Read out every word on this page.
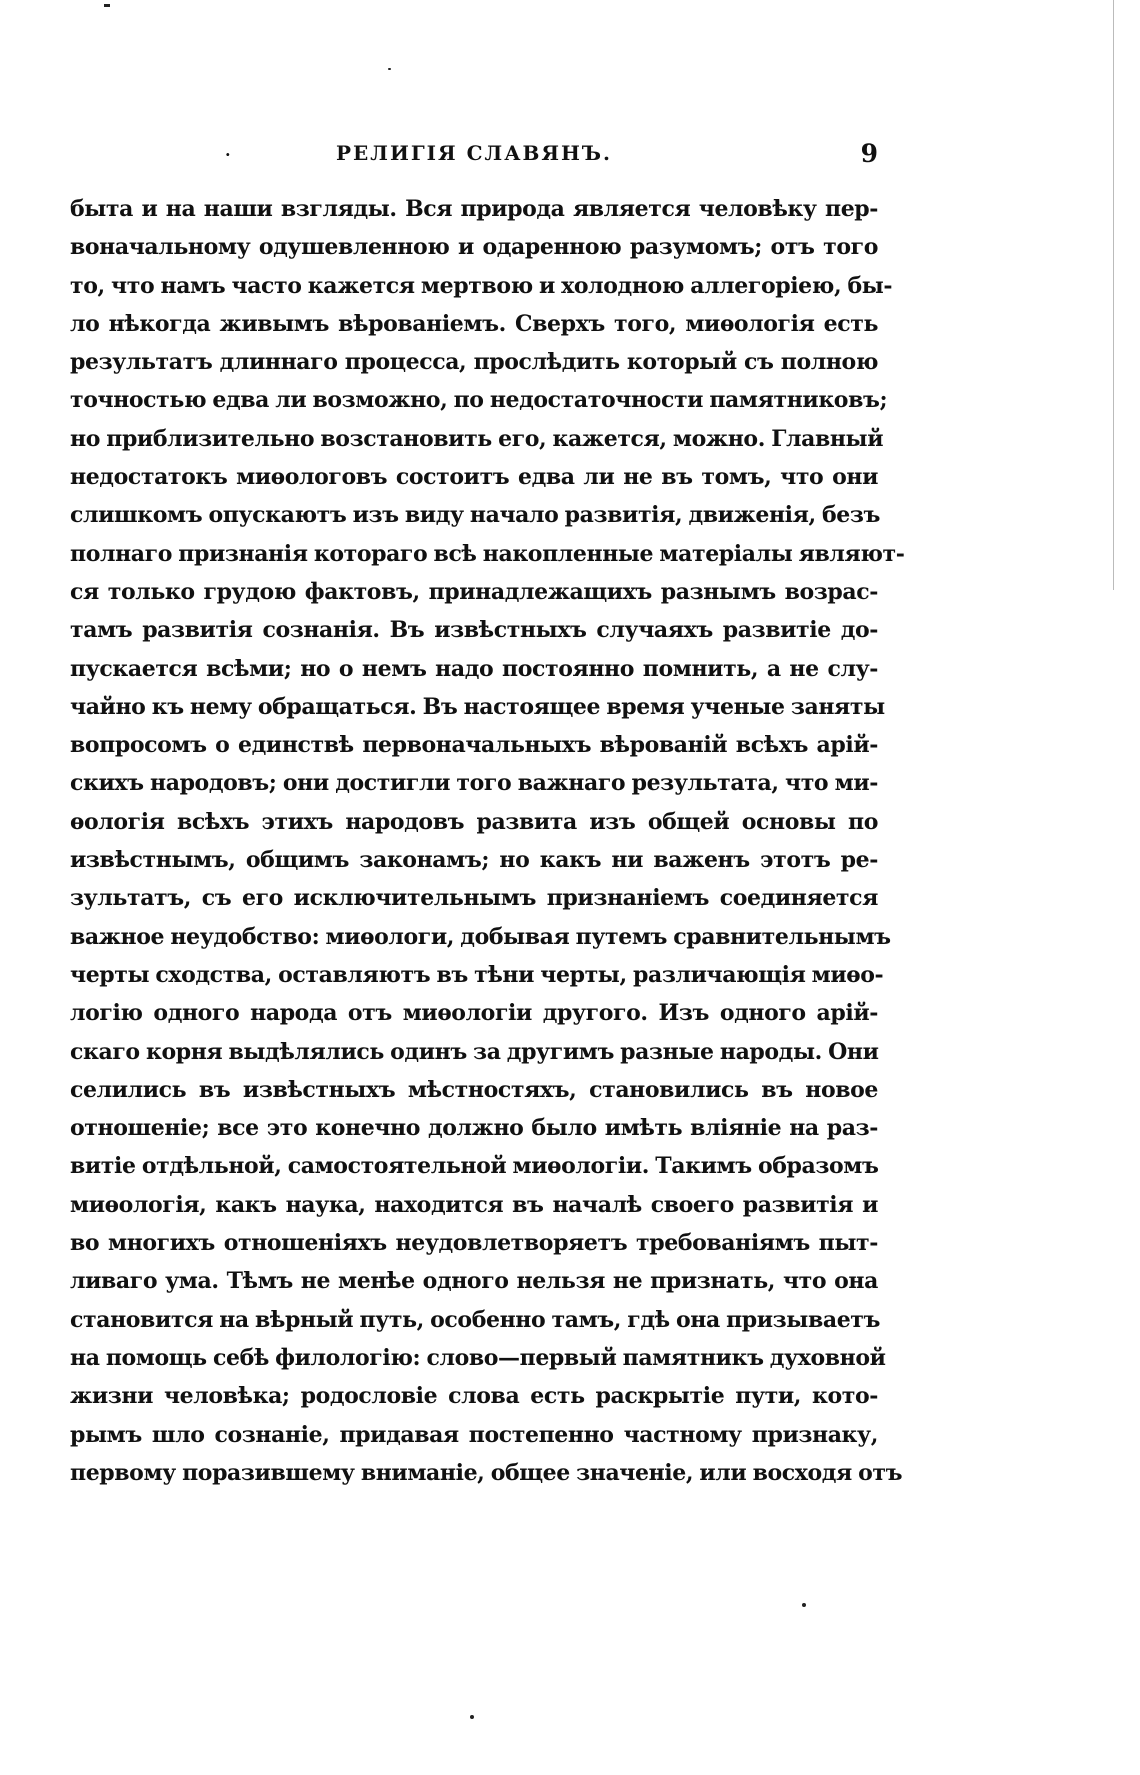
·	РЕЛИГIЯ СЛАВЯНЪ.	9
быта и на наши взгляды. Вся природа является человѣку пер-
воначальному одушевленною и одаренною разумомъ; отъ того
то, что намъ часто кажется мертвою и холодною аллегорiею, бы-
ло нѣкогда живымъ вѣрованiемъ. Сверхъ того, миѳологiя есть
результатъ длиннаго процесса, прослѣдить который съ полною
точностью едва ли возможно, по недостаточности памятниковъ;
но приблизительно возстановить его, кажется, можно. Главный
недостатокъ миѳологовъ состоитъ едва ли не въ томъ, что они
слишкомъ опускаютъ изъ виду начало развитiя, движенiя, безъ
полнаго признанiя котораго всѣ накопленные матерiалы являют-
ся только грудою фактовъ, принадлежащихъ разнымъ возрас-
тамъ развитiя сознанiя. Въ извѣстныхъ случаяхъ развитiе до-
пускается всѣми; но о немъ надо постоянно помнить, а не слу-
чайно къ нему обращаться. Въ настоящее время ученые заняты
вопросомъ о единствѣ первоначальныхъ вѣрованiй всѣхъ арiй-
скихъ народовъ; они достигли того важнаго результата, что ми-
ѳологiя всѣхъ этихъ народовъ развита изъ общей основы по
извѣстнымъ, общимъ законамъ; но какъ ни важенъ этотъ ре-
зультатъ, съ его исключительнымъ признанiемъ соединяется
важное неудобство: миѳологи, добывая путемъ сравнительнымъ
черты сходства, оставляютъ въ тѣни черты, различающiя миѳо-
логiю одного народа отъ миѳологiи другого. Изъ одного арiй-
скаго корня выдѣлялись одинъ за другимъ разные народы. Они
селились въ извѣстныхъ мѣстностяхъ, становились въ новое
отношенiе; все это конечно должно было имѣть влiянiе на раз-
витiе отдѣльной, самостоятельной миѳологiи. Такимъ образомъ
миѳологiя, какъ наука, находится въ началѣ своего развитiя и
во многихъ отношенiяхъ неудовлетворяетъ требованiямъ пыт-
ливаго ума. Тѣмъ не менѣе одного нельзя не признать, что она
становится на вѣрный путь, особенно тамъ, гдѣ она призываетъ
на помощь себѣ филологiю: слово—первый памятникъ духовной
жизни человѣка; родословiе слова есть раскрытiе пути, кото-
рымъ шло сознанiе, придавая постепенно частному признаку,
первому поразившему вниманiе, общее значенiе, или восходя отъ
